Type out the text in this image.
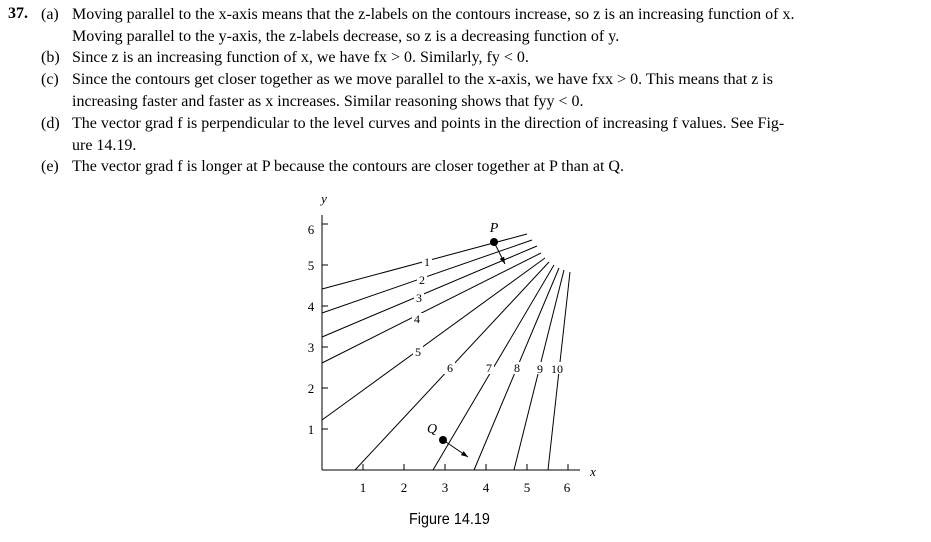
37. (a) Moving parallel to the x-axis means that the z-labels on the contours increase, so z is an increasing function of x.
Moving parallel to the y-axis, the z-labels decrease, so z is a decreasing function of y.
(b) Since z is an increasing function of x, we have fx > 0. Similarly, fy < 0.
(c) Since the contours get closer together as we move parallel to the x-axis, we have fxx > 0. This means that z is
increasing faster and faster as x increases. Similar reasoning shows that fyy < 0.
(d) The vector grad f is perpendicular to the level curves and points in the direction of increasing f values. See Fig-
ure 14.19.
(e) The vector grad f is longer at P because the contours are closer together at P than at Q.
1	2	3	4	5	6
1
2
3
4
5
6
y
x
1
2
3
4
5
6	7 8 9 10
P
Q
Figure 14.19
